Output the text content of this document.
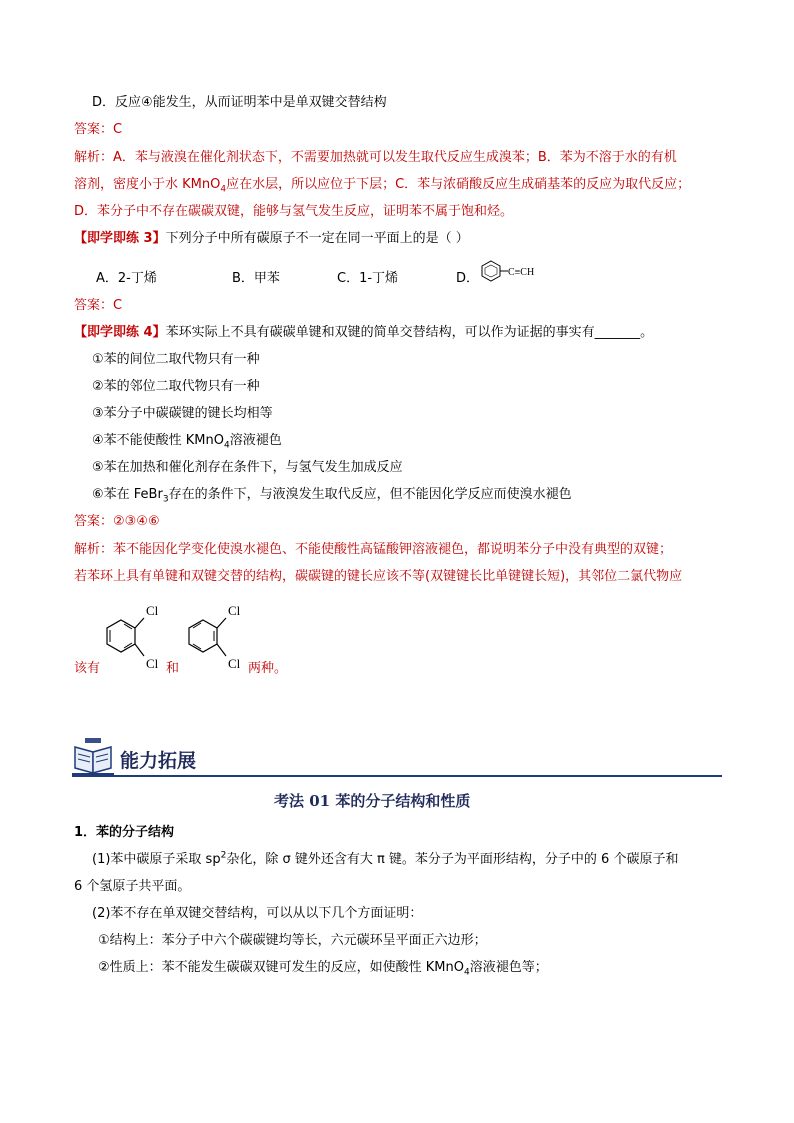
D．反应④能发生，从而证明苯中是单双键交替结构
答案：C
解析：A．苯与液溴在催化剂状态下，不需要加热就可以发生取代反应生成溴苯；B．苯为不溶于水的有机
溶剂，密度小于水 KMnO$_4$应在水层，所以应位于下层；C．苯与浓硝酸反应生成硝基苯的反应为取代反应；
D．苯分子中不存在碳碳双键，能够与氢气发生反应，证明苯不属于饱和烃。
【即学即练 3】下列分子中所有碳原子不一定在同一平面上的是（ ）
A．2-丁烯	B．甲苯	C．1-丁烯	D．	C≡CH
答案：C
【即学即练 4】苯环实际上不具有碳碳单键和双键的简单交替结构，可以作为证据的事实有_______。
①苯的间位二取代物只有一种
②苯的邻位二取代物只有一种
③苯分子中碳碳键的键长均相等
④苯不能使酸性 KMnO$_4$溶液褪色
⑤苯在加热和催化剂存在条件下，与氢气发生加成反应
⑥苯在 FeBr$_3$存在的条件下，与液溴发生取代反应，但不能因化学反应而使溴水褪色
答案：②③④⑥
解析：苯不能因化学变化使溴水褪色、不能使酸性高锰酸钾溶液褪色，都说明苯分子中没有典型的双键；
若苯环上具有单键和双键交替的结构，碳碳键的键长应该不等(双键键长比单键键长短)，其邻位二氯代物应
该有
Cl
Cl 和
Cl
Cl 两种。
能力拓展
考法 01 苯的分子结构和性质
1．苯的分子结构
(1)苯中碳原子采取 $sp^2$杂化，除 σ 键外还含有大 π 键。苯分子为平面形结构，分子中的 6 个碳原子和
6 个氢原子共平面。
(2)苯不存在单双键交替结构，可以从以下几个方面证明：
①结构上：苯分子中六个碳碳键均等长，六元碳环呈平面正六边形；
②性质上：苯不能发生碳碳双键可发生的反应，如使酸性 KMnO$_4$溶液褪色等；
